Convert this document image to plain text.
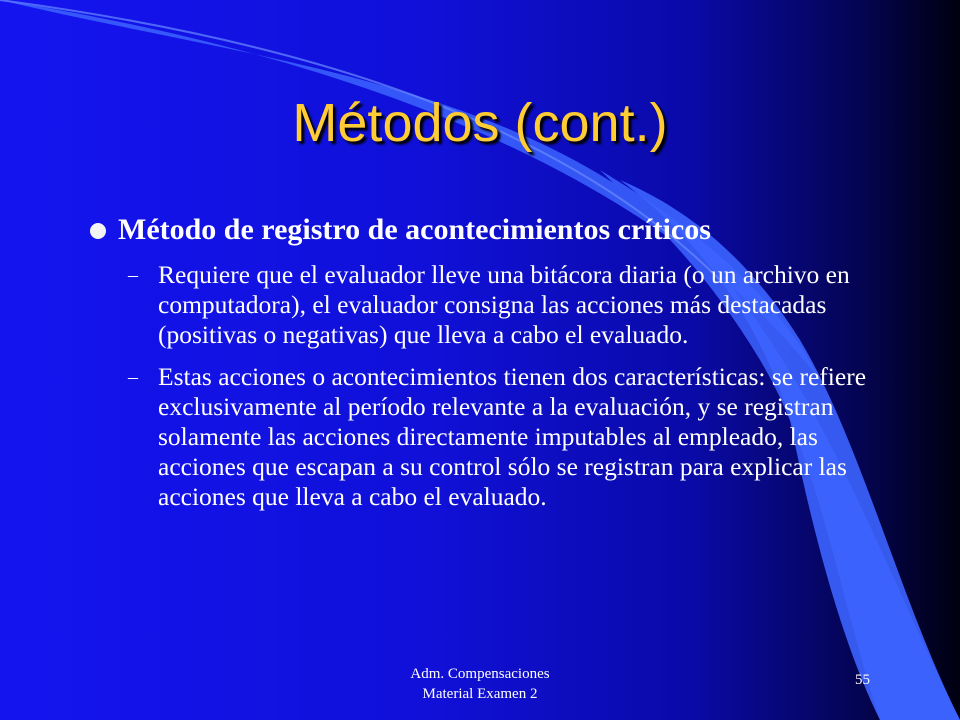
Métodos (cont.)
Método de registro de acontecimientos críticos
– Requiere que el evaluador lleve una bitácora diaria (o un archivo en computadora), el evaluador consigna las acciones más destacadas (positivas o negativas) que lleva a cabo el evaluado.
– Estas acciones o acontecimientos tienen dos características: se refiere exclusivamente al período relevante a la evaluación, y se registran solamente las acciones directamente imputables al empleado, las acciones que escapan a su control sólo se registran para explicar las acciones que lleva a cabo el evaluado.
Adm. Compensaciones
Material Examen 2
55
